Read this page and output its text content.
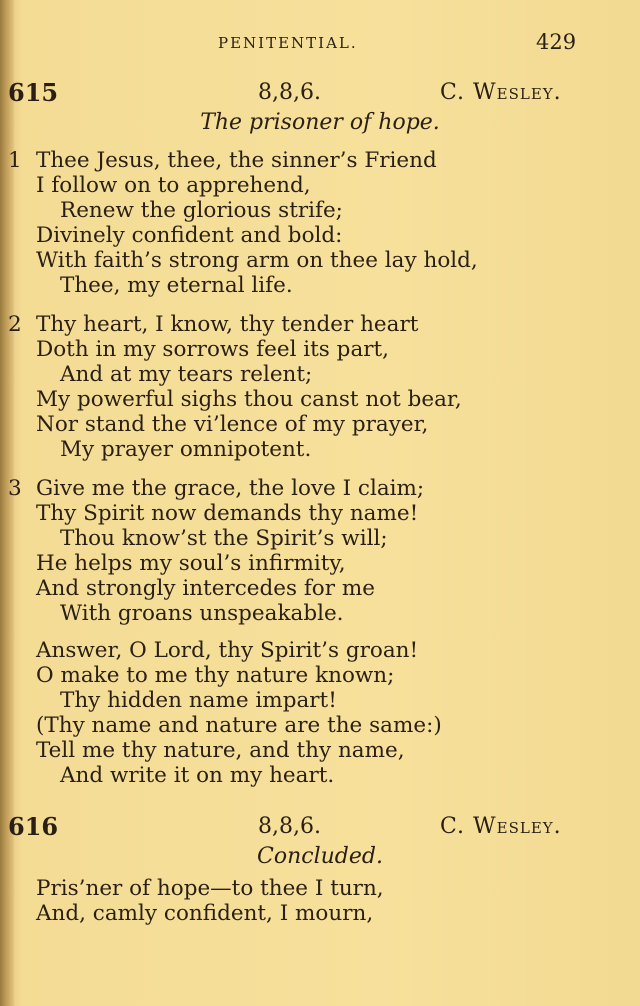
PENITENTIAL.	429
615	8,8,6.	C. Wesley.
The prisoner of hope.
1 Thee Jesus, thee, the sinner’s Friend
I follow on to apprehend,
Renew the glorious strife;
Divinely confident and bold:
With faith’s strong arm on thee lay hold,
Thee, my eternal life.
2 Thy heart, I know, thy tender heart
Doth in my sorrows feel its part,
And at my tears relent;
My powerful sighs thou canst not bear,
Nor stand the vi’lence of my prayer,
My prayer omnipotent.
3 Give me the grace, the love I claim;
Thy Spirit now demands thy name!
Thou know’st the Spirit’s will;
He helps my soul’s infirmity,
And strongly intercedes for me
With groans unspeakable.
Answer, O Lord, thy Spirit’s groan!
O make to me thy nature known;
Thy hidden name impart!
(Thy name and nature are the same:)
Tell me thy nature, and thy name,
And write it on my heart.
616	8,8,6.	C. Wesley.
Concluded.
Pris’ner of hope—to thee I turn,
And, camly confident, I mourn,
